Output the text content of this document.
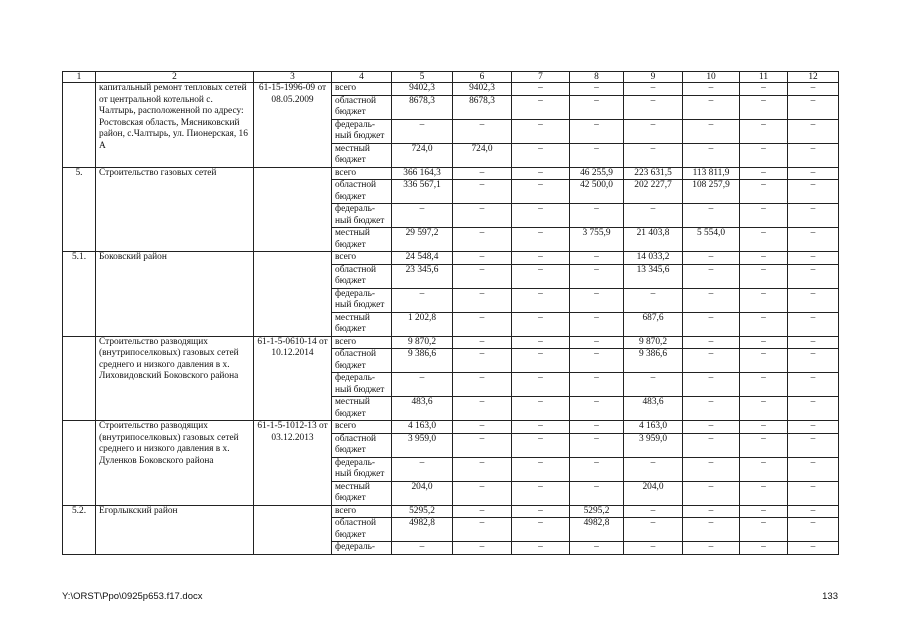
1	2	3	4	5	6	7	8	9	10	11	12
	капитальный ремонт тепловых сетей от центральной котельной с. Чалтырь, расположенной по адресу: Ростовская область, Мясниковский район, с.Чалтырь, ул. Пионерская, 16 А	61-15-1996-09 от 08.05.2009	всего	9402,3	9402,3	–	–	–	–	–	–
			областной бюджет	8678,3	8678,3	–	–	–	–	–	–
			федераль-ный бюджет	–	–	–	–	–	–	–	–
			местный бюджет	724,0	724,0	–	–	–	–	–	–
5.	Строительство газовых сетей		всего	366 164,3	–	–	46 255,9	223 631,5	113 811,9	–	–
			областной бюджет	336 567,1	–	–	42 500,0	202 227,7	108 257,9	–	–
			федераль-ный бюджет	–	–	–	–	–	–	–	–
			местный бюджет	29 597,2	–	–	3 755,9	21 403,8	5 554,0	–	–
5.1.	Боковский район		всего	24 548,4	–	–	–	14 033,2	–	–	–
			областной бюджет	23 345,6	–	–	–	13 345,6	–	–	–
			федераль-ный бюджет	–	–	–	–	–	–	–	–
			местный бюджет	1 202,8	–	–	–	687,6	–	–	–
	Строительство разводящих (внутрипоселковых) газовых сетей среднего и низкого давления в х. Лиховидовский Боковского района	61-1-5-0610-14 от 10.12.2014	всего	9 870,2	–	–	–	9 870,2	–	–	–
			областной бюджет	9 386,6	–	–	–	9 386,6	–	–	–
			федераль-ный бюджет	–	–	–	–	–	–	–	–
			местный бюджет	483,6	–	–	–	483,6	–	–	–
	Строительство разводящих (внутрипоселковых) газовых сетей среднего и низкого давления в х. Дуленков Боковского района	61-1-5-1012-13 от 03.12.2013	всего	4 163,0	–	–	–	4 163,0	–	–	–
			областной бюджет	3 959,0	–	–	–	3 959,0	–	–	–
			федераль-ный бюджет	–	–	–	–	–	–	–	–
			местный бюджет	204,0	–	–	–	204,0	–	–	–
5.2.	Егорлыкский район		всего	5295,2	–	–	5295,2	–	–	–	–
			областной бюджет	4982,8	–	–	4982,8	–	–	–	–
			федераль-	–	–	–	–	–	–	–	–
Y:\ORST\Ppo\0925p653.f17.docx	133
